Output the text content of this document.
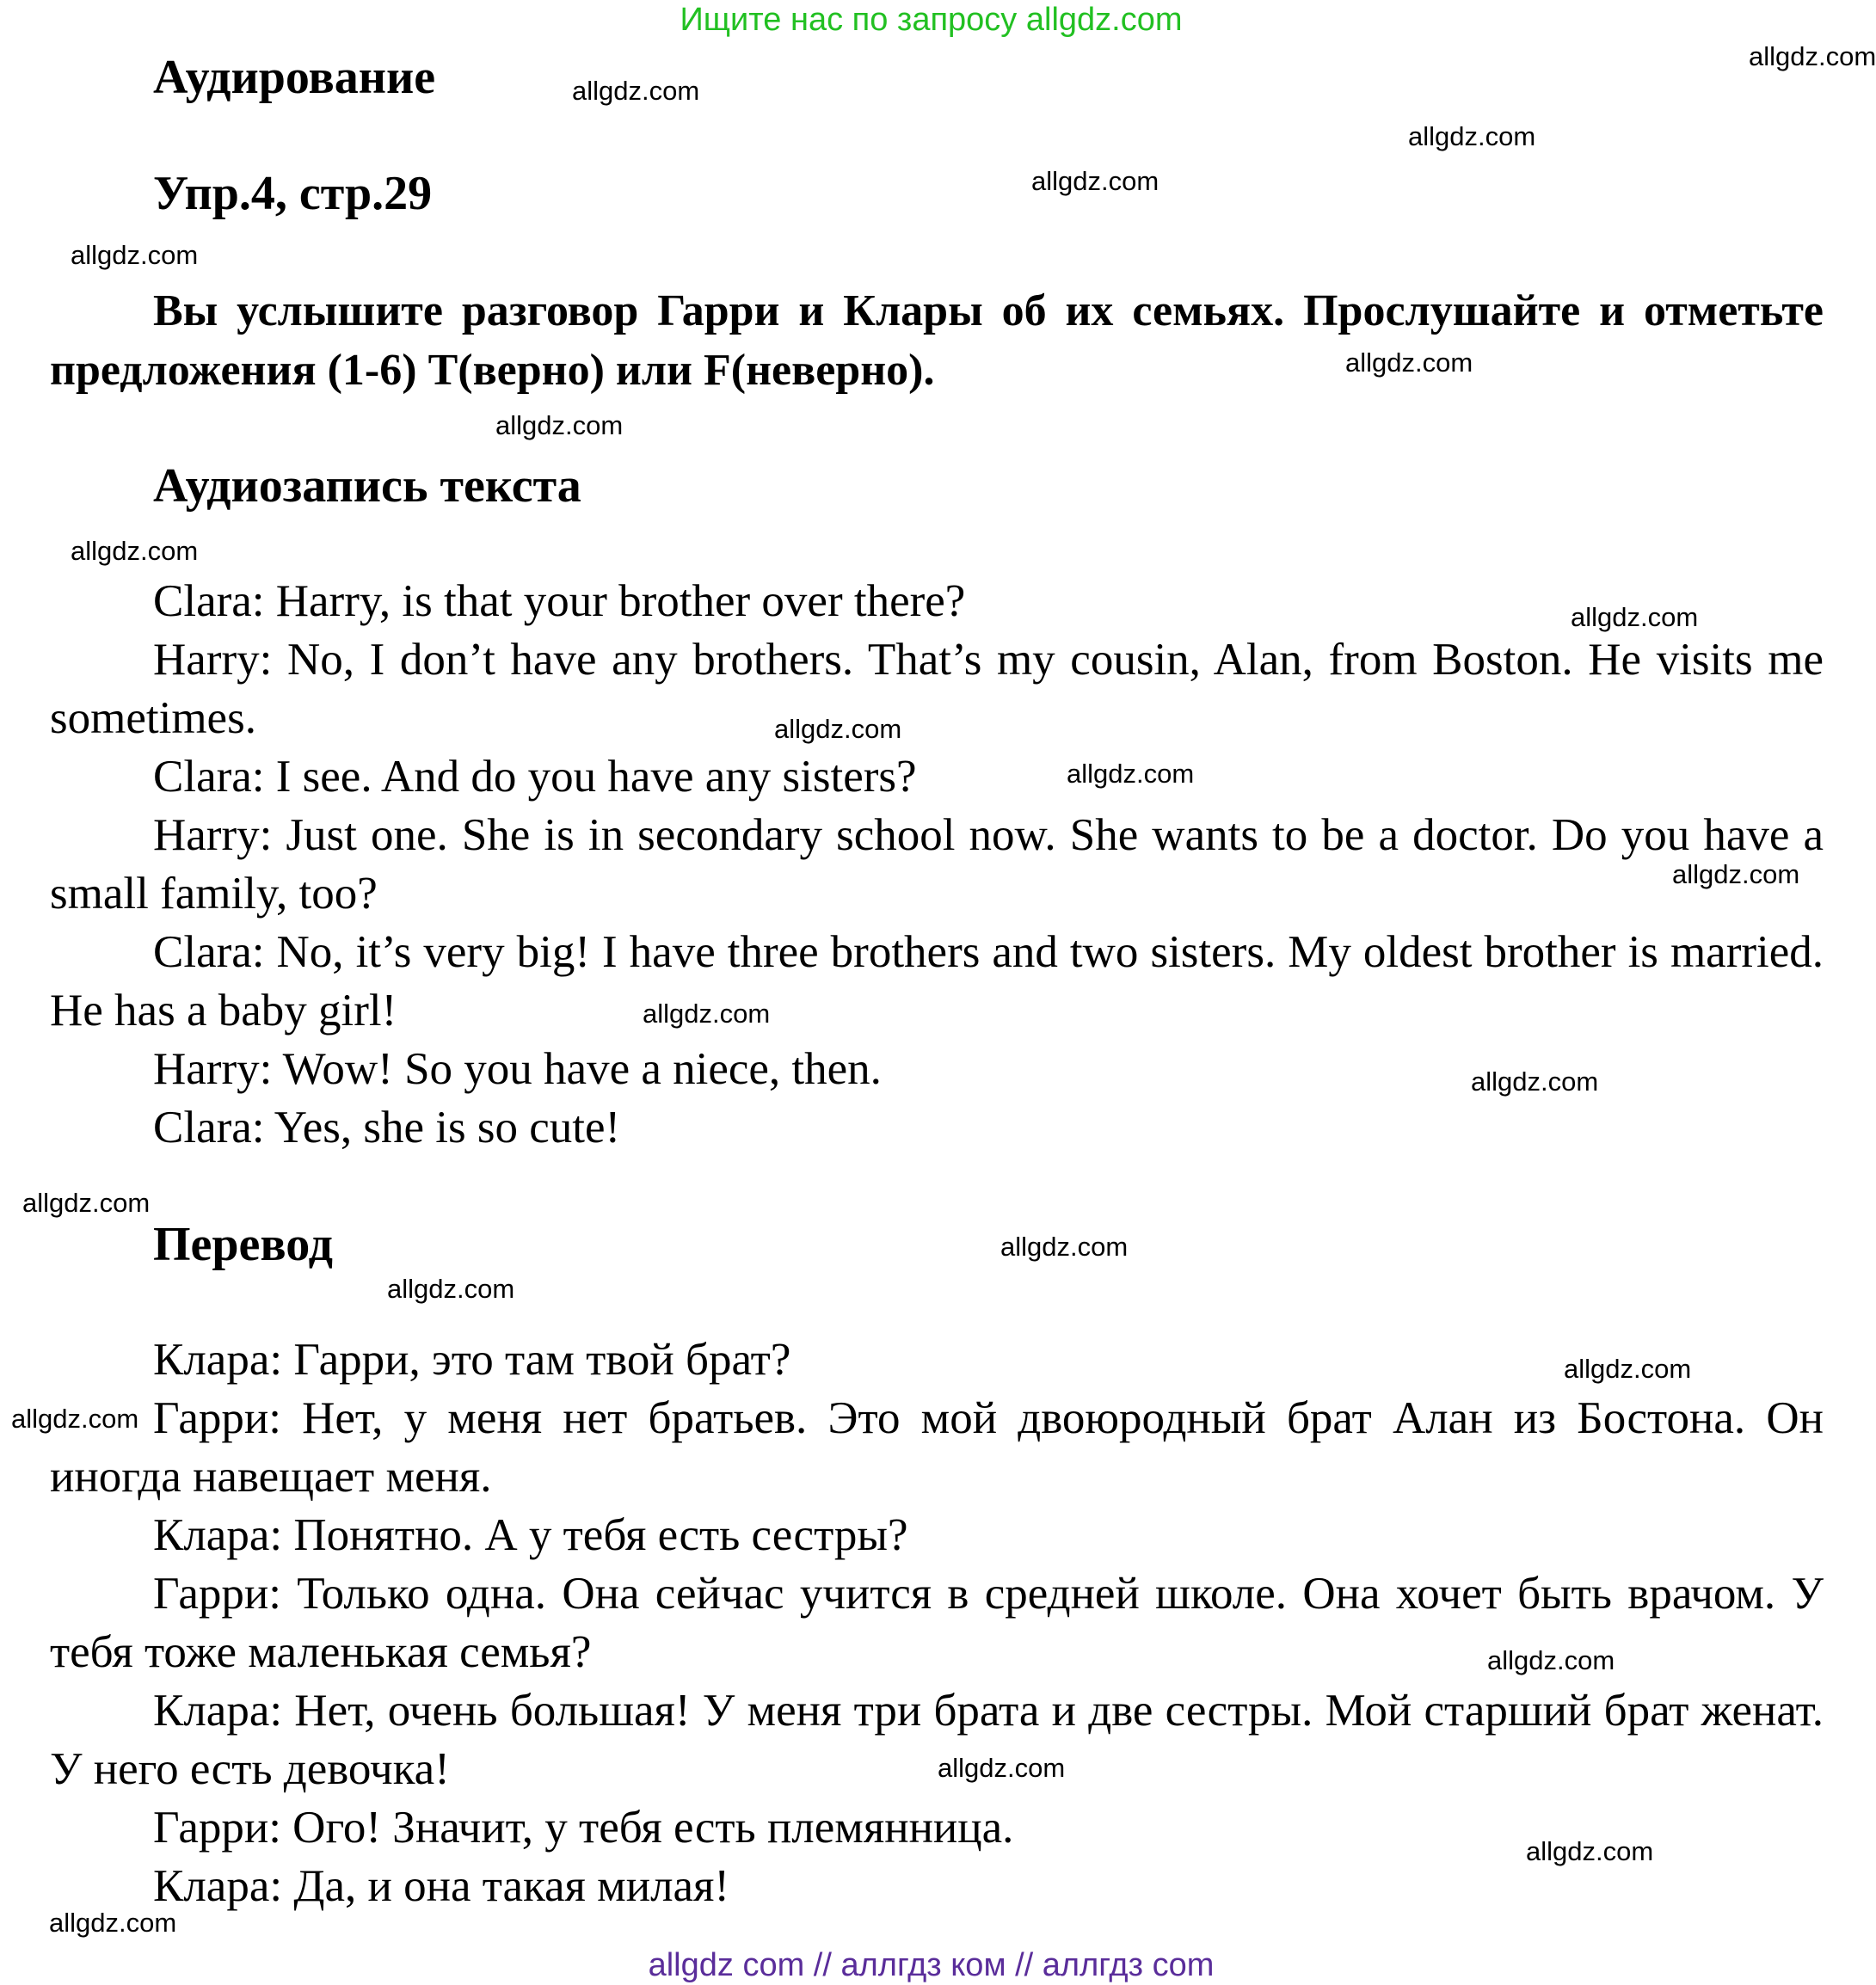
Ищите нас по запросу allgdz.com
Аудирование
Упр.4, стр.29
Вы услышите разговор Гарри и Клары об их семьях. Прослушайте и отметьте предложения (1-6) T(верно) или F(неверно).
Аудиозапись текста
Clara: Harry, is that your brother over there?
Harry: No, I don’t have any brothers. That’s my cousin, Alan, from Boston. He visits me sometimes.
Clara: I see. And do you have any sisters?
Harry: Just one. She is in secondary school now. She wants to be a doctor. Do you have a small family, too?
Clara: No, it’s very big! I have three brothers and two sisters. My oldest brother is married. He has a baby girl!
Harry: Wow! So you have a niece, then.
Clara: Yes, she is so cute!
Перевод
Клара: Гарри, это там твой брат?
Гарри: Нет, у меня нет братьев. Это мой двоюродный брат Алан из Бостона. Он иногда навещает меня.
Клара: Понятно. А у тебя есть сестры?
Гарри: Только одна. Она сейчас учится в средней школе. Она хочет быть врачом. У тебя тоже маленькая семья?
Клара: Нет, очень большая! У меня три брата и две сестры. Мой старший брат женат. У него есть девочка!
Гарри: Ого! Значит, у тебя есть племянница.
Клара: Да, и она такая милая!
allgdz.com
allgdz.com
allgdz.com
allgdz.com
allgdz.com
allgdz.com
allgdz.com
allgdz.com
allgdz.com
allgdz.com
allgdz.com
allgdz.com
allgdz.com
allgdz.com
allgdz.com
allgdz.com
allgdz.com
allgdz.com
allgdz.com
allgdz.com
allgdz.com
allgdz.com
allgdz.com
allgdz com // аллгдз ком // аллгдз com
